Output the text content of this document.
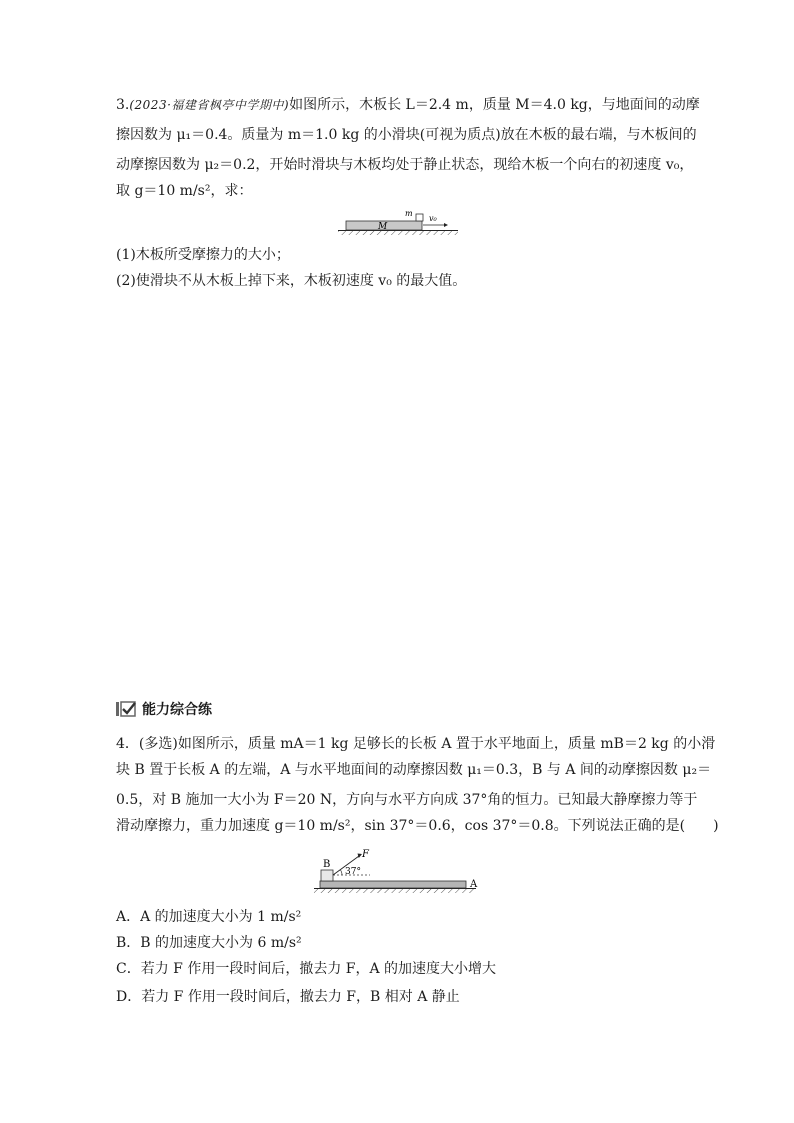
3.(2023·福建省枫亭中学期中)如图所示，木板长 L＝2.4 m，质量 M＝4.0 kg，与地面间的动摩
擦因数为 μ₁＝0.4。质量为 m＝1.0 kg 的小滑块(可视为质点)放在木板的最右端，与木板间的
动摩擦因数为 μ₂＝0.2，开始时滑块与木板均处于静止状态，现给木板一个向右的初速度 v₀，
取 g＝10 m/s²，求：
M
m
v₀
(1)木板所受摩擦力的大小；
(2)使滑块不从木板上掉下来，木板初速度 v₀ 的最大值。
能力综合练
4．(多选)如图所示，质量 mA＝1 kg 足够长的长板 A 置于水平地面上，质量 mB＝2 kg 的小滑
块 B 置于长板 A 的左端，A 与水平地面间的动摩擦因数 μ₁＝0.3，B 与 A 间的动摩擦因数 μ₂＝
0.5，对 B 施加一大小为 F＝20 N，方向与水平方向成 37°角的恒力。已知最大静摩擦力等于
滑动摩擦力，重力加速度 g＝10 m/s²，sin 37°＝0.6，cos 37°＝0.8。下列说法正确的是(　　)
A
B
F
37°
A．A 的加速度大小为 1 m/s²
B．B 的加速度大小为 6 m/s²
C．若力 F 作用一段时间后，撤去力 F，A 的加速度大小增大
D．若力 F 作用一段时间后，撤去力 F，B 相对 A 静止
